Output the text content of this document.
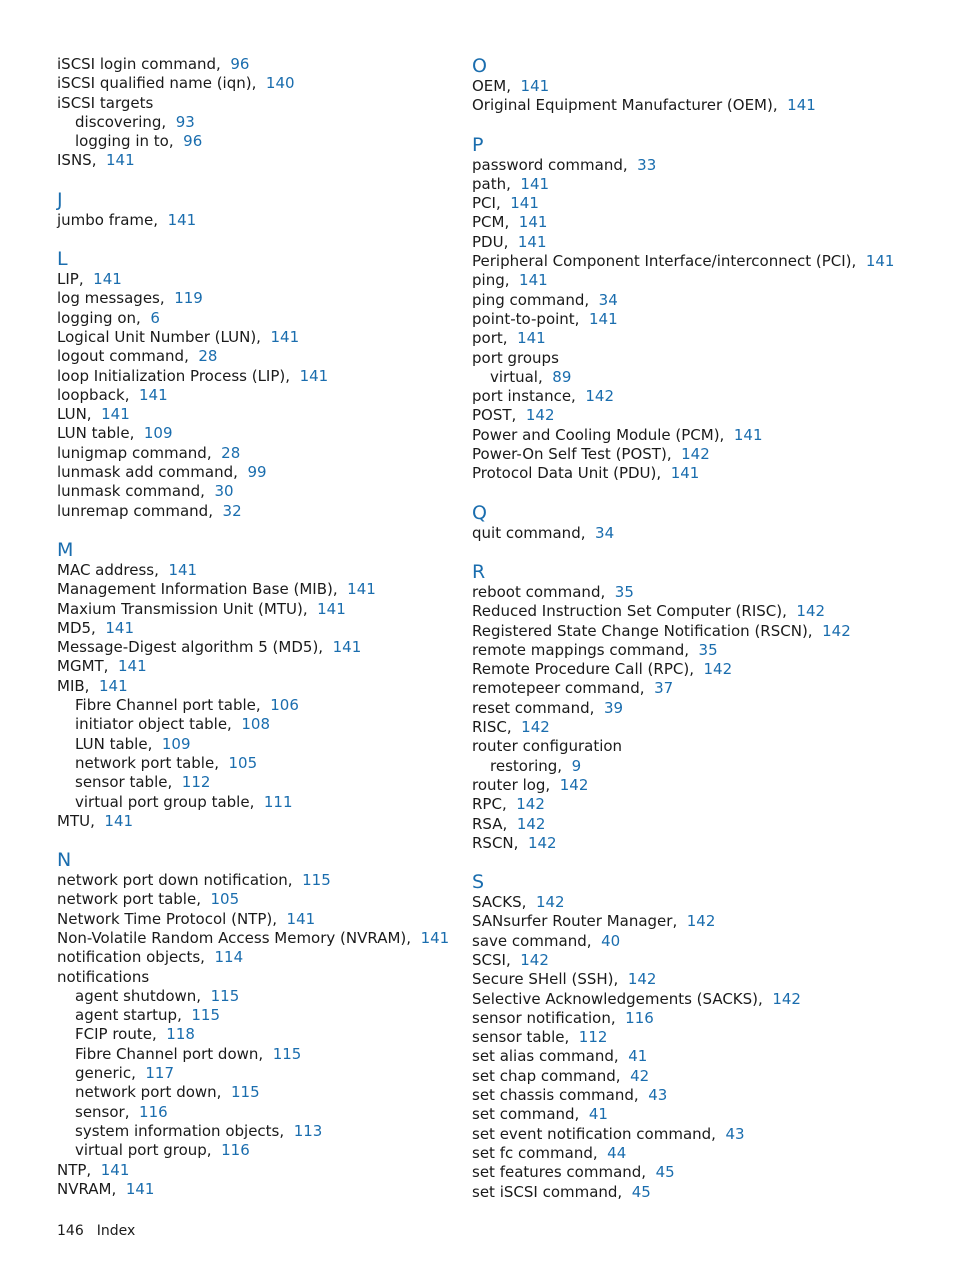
iSCSI login command, 96
iSCSI qualified name (iqn), 140
iSCSI targets
discovering, 93
logging in to, 96
ISNS, 141
J
jumbo frame, 141
L
LIP, 141
log messages, 119
logging on, 6
Logical Unit Number (LUN), 141
logout command, 28
loop Initialization Process (LIP), 141
loopback, 141
LUN, 141
LUN table, 109
lunigmap command, 28
lunmask add command, 99
lunmask command, 30
lunremap command, 32
M
MAC address, 141
Management Information Base (MIB), 141
Maxium Transmission Unit (MTU), 141
MD5, 141
Message-Digest algorithm 5 (MD5), 141
MGMT, 141
MIB, 141
Fibre Channel port table, 106
initiator object table, 108
LUN table, 109
network port table, 105
sensor table, 112
virtual port group table, 111
MTU, 141
N
network port down notification, 115
network port table, 105
Network Time Protocol (NTP), 141
Non-Volatile Random Access Memory (NVRAM), 141
notification objects, 114
notifications
agent shutdown, 115
agent startup, 115
FCIP route, 118
Fibre Channel port down, 115
generic, 117
network port down, 115
sensor, 116
system information objects, 113
virtual port group, 116
NTP, 141
NVRAM, 141
O
OEM, 141
Original Equipment Manufacturer (OEM), 141
P
password command, 33
path, 141
PCI, 141
PCM, 141
PDU, 141
Peripheral Component Interface/interconnect (PCI), 141
ping, 141
ping command, 34
point-to-point, 141
port, 141
port groups
virtual, 89
port instance, 142
POST, 142
Power and Cooling Module (PCM), 141
Power-On Self Test (POST), 142
Protocol Data Unit (PDU), 141
Q
quit command, 34
R
reboot command, 35
Reduced Instruction Set Computer (RISC), 142
Registered State Change Notification (RSCN), 142
remote mappings command, 35
Remote Procedure Call (RPC), 142
remotepeer command, 37
reset command, 39
RISC, 142
router configuration
restoring, 9
router log, 142
RPC, 142
RSA, 142
RSCN, 142
S
SACKS, 142
SANsurfer Router Manager, 142
save command, 40
SCSI, 142
Secure SHell (SSH), 142
Selective Acknowledgements (SACKS), 142
sensor notification, 116
sensor table, 112
set alias command, 41
set chap command, 42
set chassis command, 43
set command, 41
set event notification command, 43
set fc command, 44
set features command, 45
set iSCSI command, 45
146 Index
